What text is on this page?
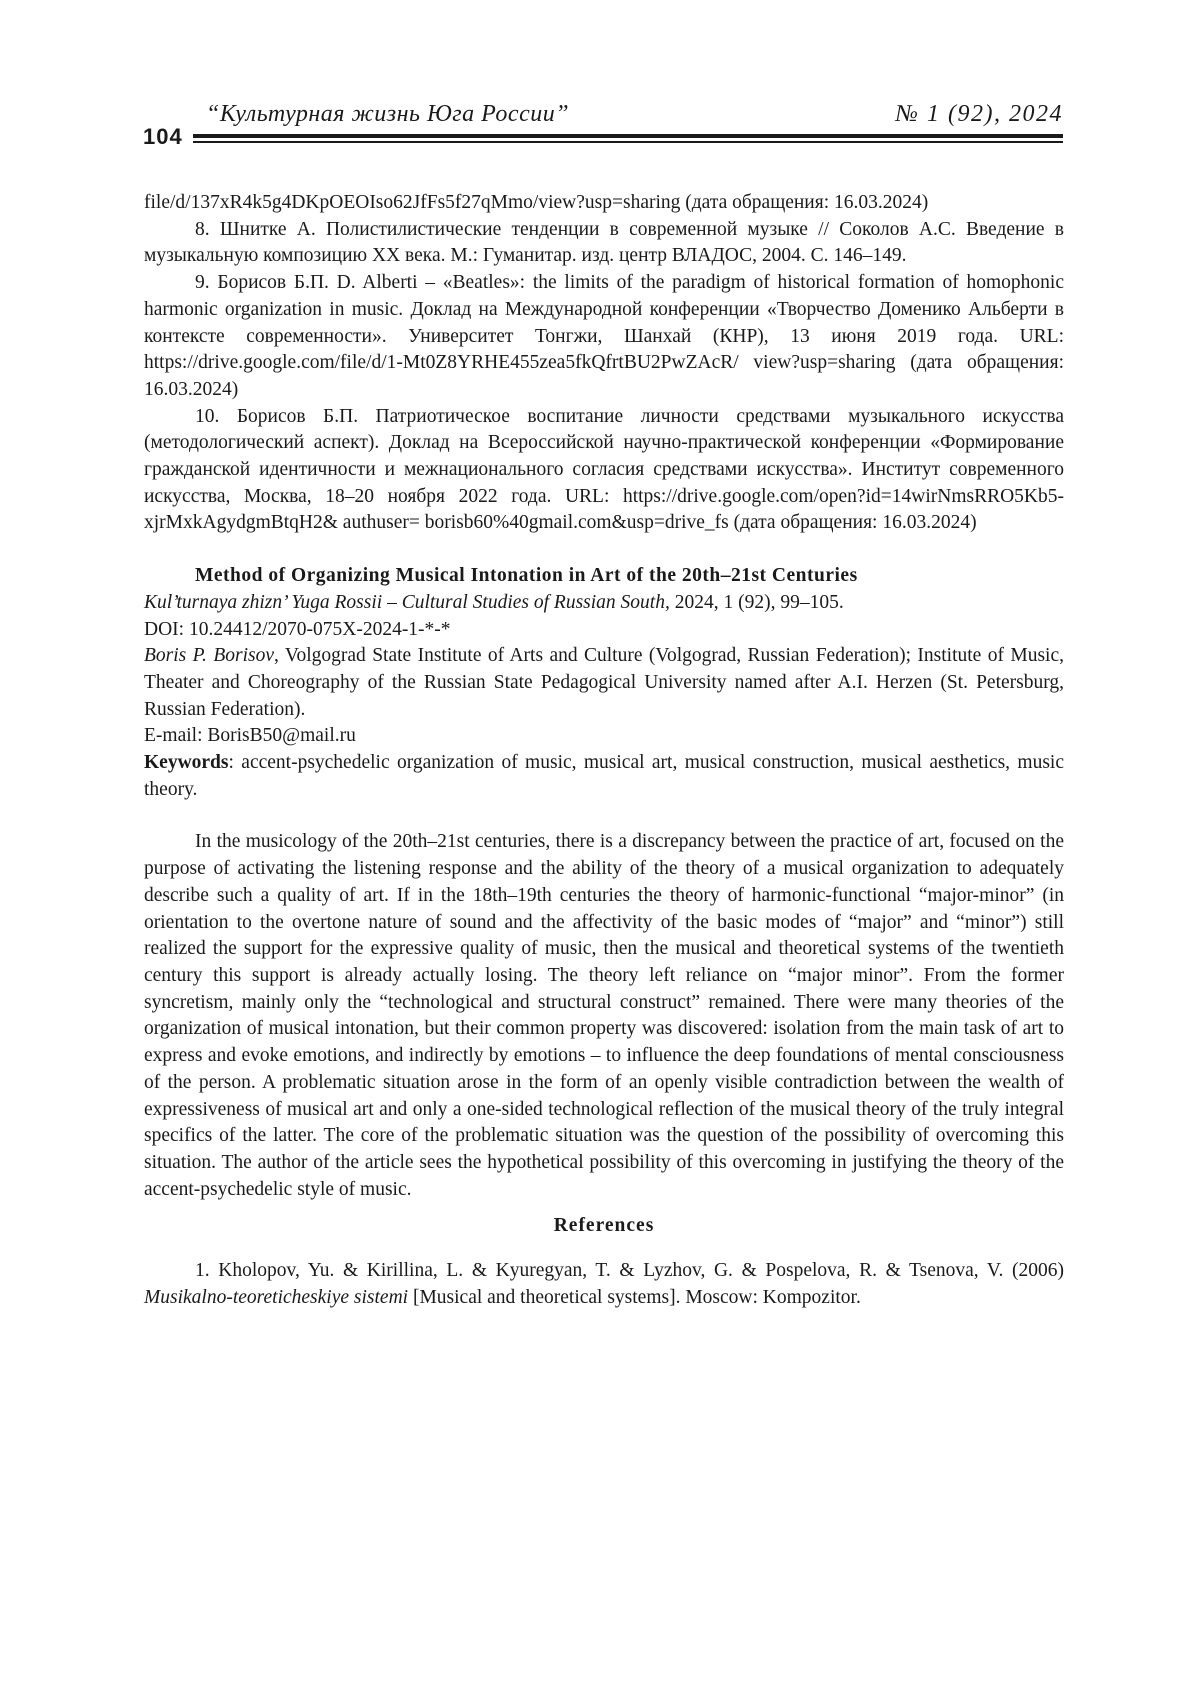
104
“Культурная жизнь Юга России”	№ 1 (92), 2024

file/d/137xR4k5g4DKpOEOIso62JfFs5f27qMmo/view?usp=sharing (дата обращения: 16.03.2024)

8. Шнитке А. Полистилистические тенденции в современной музыке // Соколов А.С. Введение в музыкальную композицию XX века. М.: Гуманитар. изд. центр ВЛАДОС, 2004. С. 146–149.

9. Борисов Б.П. D. Alberti – «Beatles»: the limits of the paradigm of historical formation of homophonic harmonic organization in music. Доклад на Международной конференции «Творчество Доменико Альберти в контексте современности». Университет Тонгжи, Шанхай (КНР), 13 июня 2019 года. URL: https://drive.google.com/file/d/1-Mt0Z8YRHE455zea5fkQfrtBU2PwZAcR/ view?usp=sharing (дата обращения: 16.03.2024)

10. Борисов Б.П. Патриотическое воспитание личности средствами музыкального искусства (методологический аспект). Доклад на Всероссийской научно-практической конференции «Формирование гражданской идентичности и межнационального согласия средствами искусства». Институт современного искусства, Москва, 18–20 ноября 2022 года. URL: https://drive.google.com/open?id=14wirNmsRRO5Kb5-xjrMxkAgydgmBtqH2& authuser= borisb60%40gmail.com&usp=drive_fs (дата обращения: 16.03.2024)

Method of Organizing Musical Intonation in Art of the 20th–21st Centuries

Kul’turnaya zhizn’ Yuga Rossii – Cultural Studies of Russian South, 2024, 1 (92), 99–105.

DOI: 10.24412/2070-075X-2024-1-*-*

Boris P. Borisov, Volgograd State Institute of Arts and Culture (Volgograd, Russian Federation); Institute of Music, Theater and Choreography of the Russian State Pedagogical University named after A.I. Herzen (St. Petersburg, Russian Federation).

E-mail: BorisB50@mail.ru

Keywords: accent-psychedelic organization of music, musical art, musical construction, musical aesthetics, music theory.

In the musicology of the 20th–21st centuries, there is a discrepancy between the practice of art, focused on the purpose of activating the listening response and the ability of the theory of a musical organization to adequately describe such a quality of art. If in the 18th–19th centuries the theory of harmonic-functional “major-minor” (in orientation to the overtone nature of sound and the affectivity of the basic modes of “major” and “minor”) still realized the support for the expressive quality of music, then the musical and theoretical systems of the twentieth century this support is already actually losing. The theory left reliance on “major minor”. From the former syncretism, mainly only the “technological and structural construct” remained. There were many theories of the organization of musical intonation, but their common property was discovered: isolation from the main task of art to express and evoke emotions, and indirectly by emotions – to influence the deep foundations of mental consciousness of the person. A problematic situation arose in the form of an openly visible contradiction between the wealth of expressiveness of musical art and only a one-sided technological reflection of the musical theory of the truly integral specifics of the latter. The core of the problematic situation was the question of the possibility of overcoming this situation. The author of the article sees the hypothetical possibility of this overcoming in justifying the theory of the accent-psychedelic style of music.

References

1. Kholopov, Yu. & Kirillina, L. & Kyuregyan, T. & Lyzhov, G. & Pospelova, R. & Tsenova, V. (2006) Musikalno-teoreticheskiye sistemi [Musical and theoretical systems]. Moscow: Kompozitor.
